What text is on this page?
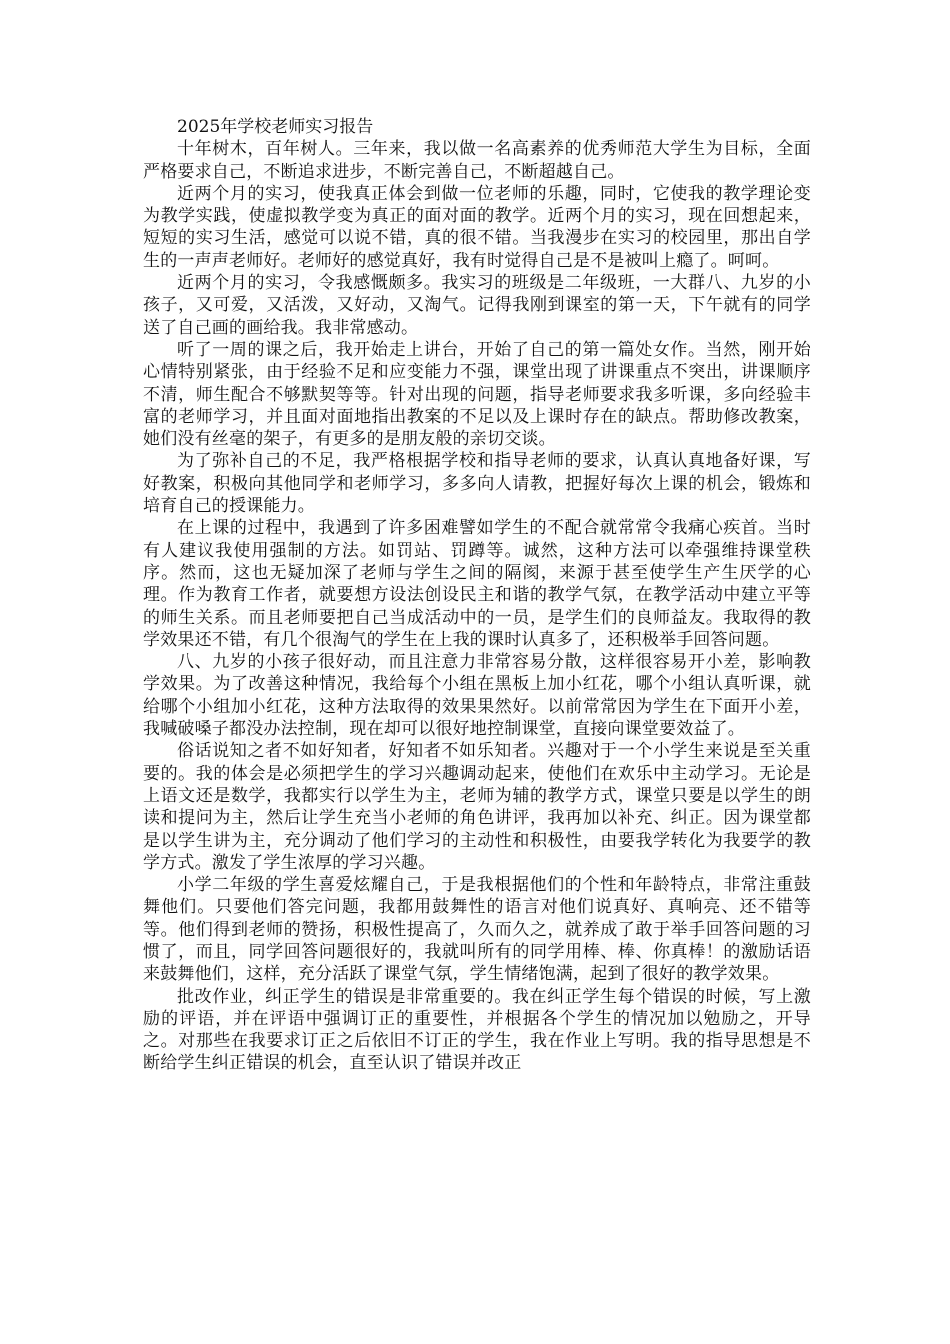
2025年学校老师实习报告

十年树木，百年树人。三年来，我以做一名高素养的优秀师范大学生为目标，全面严格要求自己，不断追求进步，不断完善自己，不断超越自己。

近两个月的实习，使我真正体会到做一位老师的乐趣，同时，它使我的教学理论变为教学实践，使虚拟教学变为真正的面对面的教学。近两个月的实习，现在回想起来，短短的实习生活，感觉可以说不错，真的很不错。当我漫步在实习的校园里，那出自学生的一声声老师好。老师好的感觉真好，我有时觉得自己是不是被叫上瘾了。呵呵。

近两个月的实习，令我感慨颇多。我实习的班级是二年级班，一大群八、九岁的小孩子，又可爱，又活泼，又好动，又淘气。记得我刚到课室的第一天，下午就有的同学送了自己画的画给我。我非常感动。

听了一周的课之后，我开始走上讲台，开始了自己的第一篇处女作。当然，刚开始心情特别紧张，由于经验不足和应变能力不强，课堂出现了讲课重点不突出，讲课顺序不清，师生配合不够默契等等。针对出现的问题，指导老师要求我多听课，多向经验丰富的老师学习，并且面对面地指出教案的不足以及上课时存在的缺点。帮助修改教案，她们没有丝毫的架子，有更多的是朋友般的亲切交谈。

为了弥补自己的不足，我严格根据学校和指导老师的要求，认真认真地备好课，写好教案，积极向其他同学和老师学习，多多向人请教，把握好每次上课的机会，锻炼和培育自己的授课能力。

在上课的过程中，我遇到了许多困难譬如学生的不配合就常常令我痛心疾首。当时有人建议我使用强制的方法。如罚站、罚蹲等。诚然，这种方法可以牵强维持课堂秩序。然而，这也无疑加深了老师与学生之间的隔阂，来源于甚至使学生产生厌学的心理。作为教育工作者，就要想方设法创设民主和谐的教学气氛，在教学活动中建立平等的师生关系。而且老师要把自己当成活动中的一员，是学生们的良师益友。我取得的教学效果还不错，有几个很淘气的学生在上我的课时认真多了，还积极举手回答问题。

八、九岁的小孩子很好动，而且注意力非常容易分散，这样很容易开小差，影响教学效果。为了改善这种情况，我给每个小组在黑板上加小红花，哪个小组认真听课，就给哪个小组加小红花，这种方法取得的效果果然好。以前常常因为学生在下面开小差，我喊破嗓子都没办法控制，现在却可以很好地控制课堂，直接向课堂要效益了。

俗话说知之者不如好知者，好知者不如乐知者。兴趣对于一个小学生来说是至关重要的。我的体会是必须把学生的学习兴趣调动起来，使他们在欢乐中主动学习。无论是上语文还是数学，我都实行以学生为主，老师为辅的教学方式，课堂只要是以学生的朗读和提问为主，然后让学生充当小老师的角色讲评，我再加以补充、纠正。因为课堂都是以学生讲为主，充分调动了他们学习的主动性和积极性，由要我学转化为我要学的教学方式。激发了学生浓厚的学习兴趣。

小学二年级的学生喜爱炫耀自己，于是我根据他们的个性和年龄特点，非常注重鼓舞他们。只要他们答完问题，我都用鼓舞性的语言对他们说真好、真响亮、还不错等等。他们得到老师的赞扬，积极性提高了，久而久之，就养成了敢于举手回答问题的习惯了，而且，同学回答问题很好的，我就叫所有的同学用棒、棒、你真棒！的激励话语来鼓舞他们，这样，充分活跃了课堂气氛，学生情绪饱满，起到了很好的教学效果。

批改作业，纠正学生的错误是非常重要的。我在纠正学生每个错误的时候，写上激励的评语，并在评语中强调订正的重要性，并根据各个学生的情况加以勉励之，开导之。对那些在我要求订正之后依旧不订正的学生，我在作业上写明。我的指导思想是不断给学生纠正错误的机会，直至认识了错误并改正
